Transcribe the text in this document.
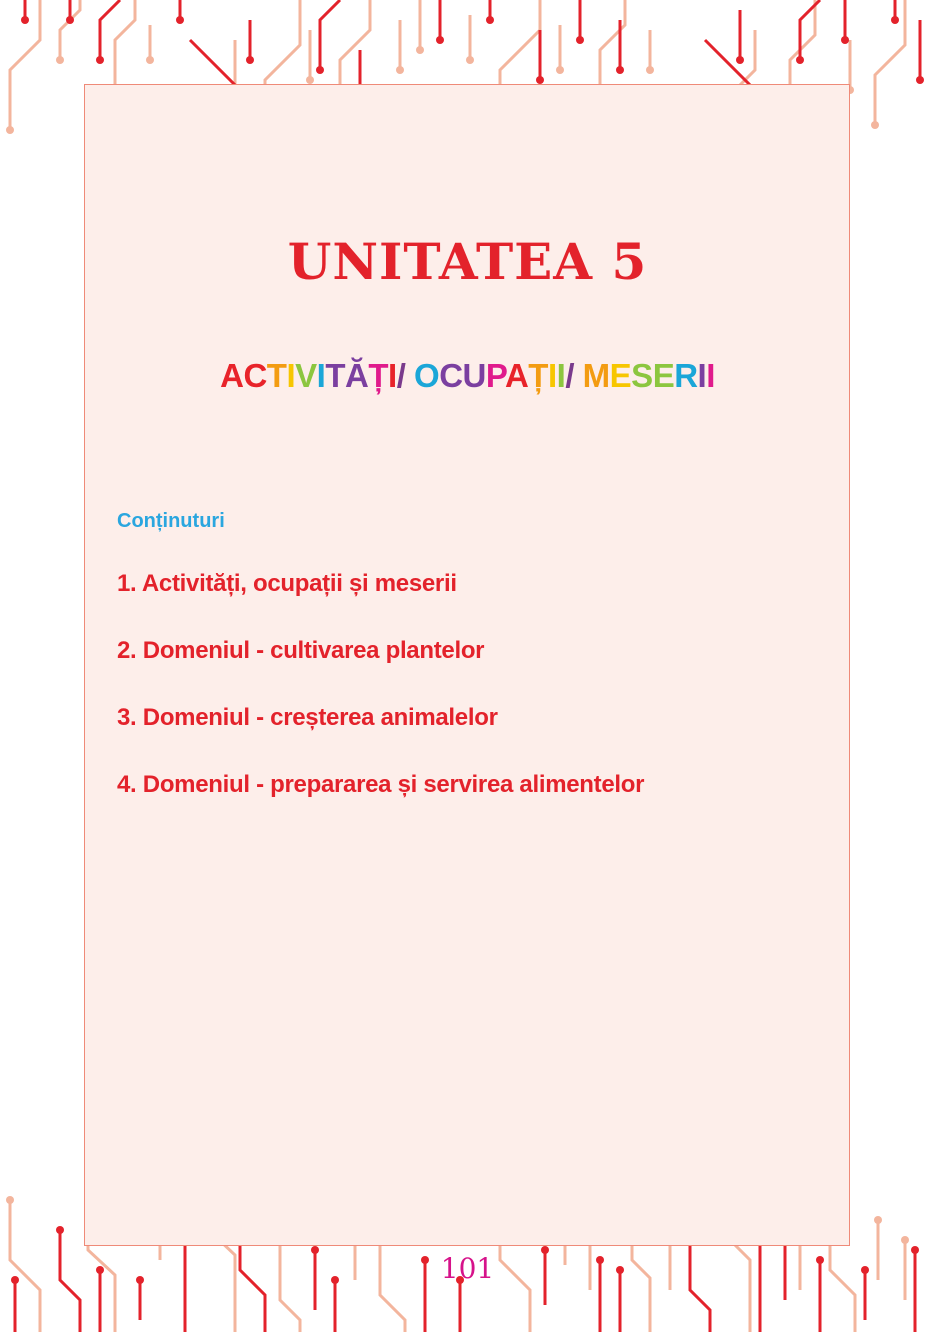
UNITATEA 5
ACTIVITĂȚI/ OCUPAȚII/ MESERII

Conținuturi

1. Activități, ocupații și meserii
2. Domeniul - cultivarea plantelor
3. Domeniul - creșterea animalelor
4. Domeniul - prepararea și servirea alimentelor

101
